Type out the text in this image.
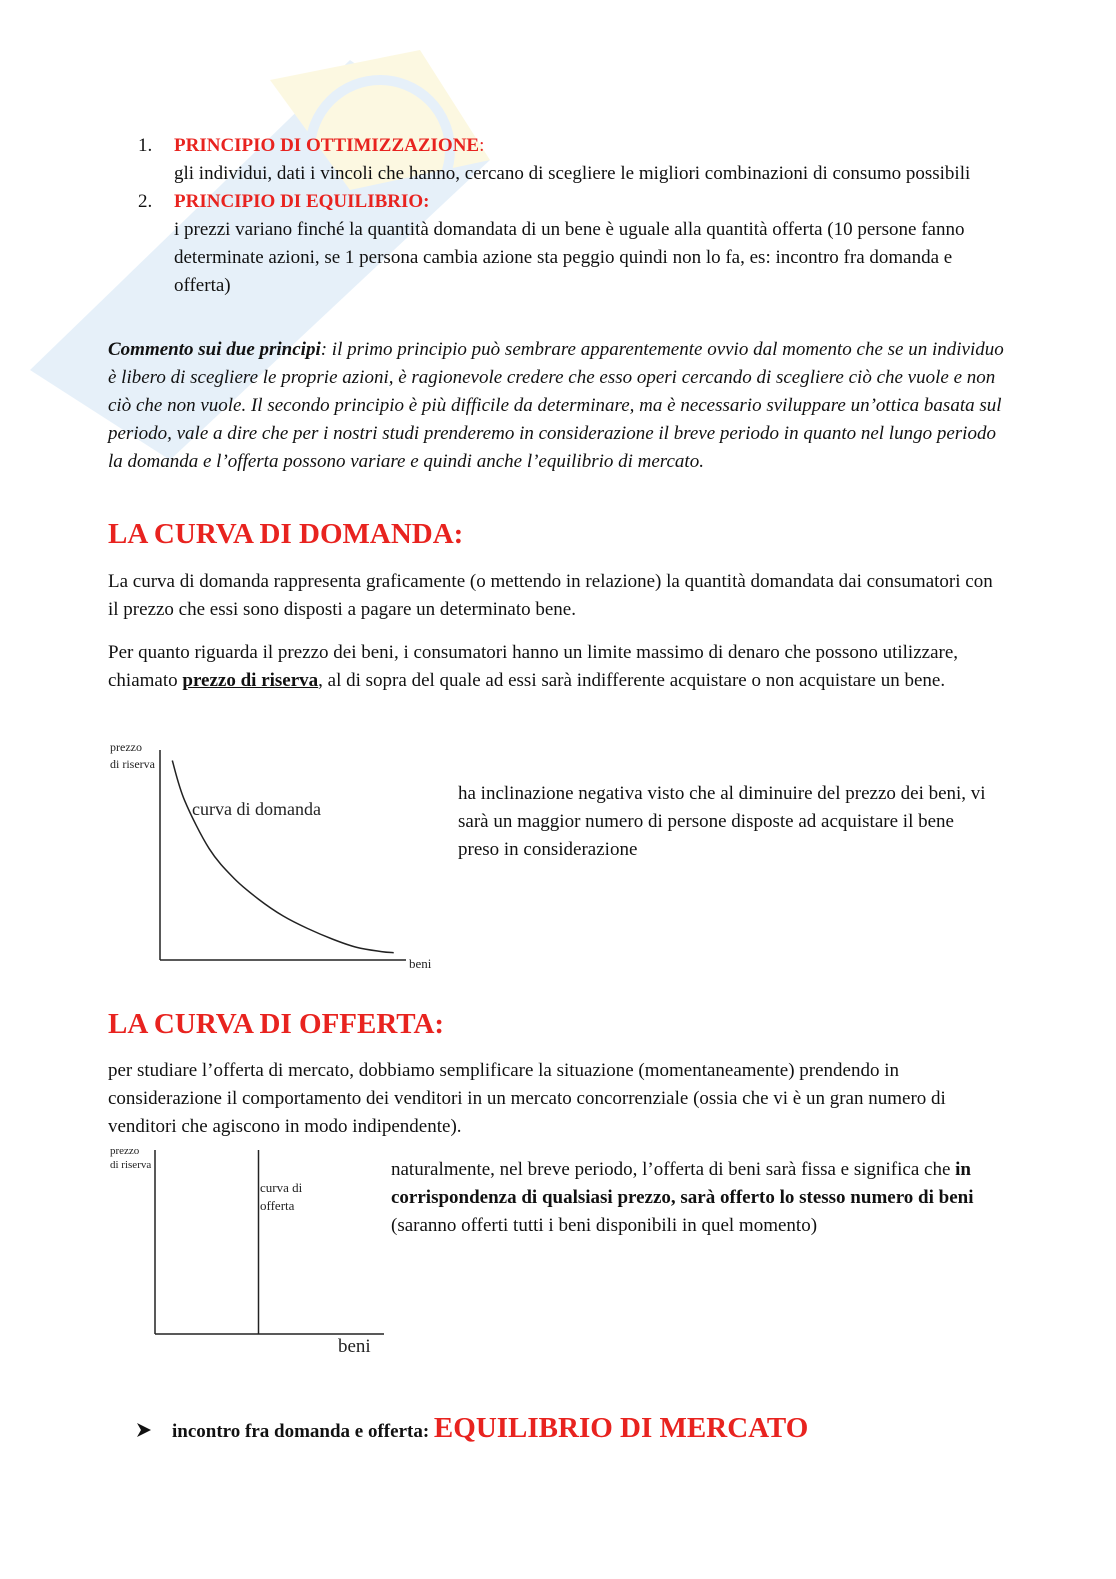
1. PRINCIPIO DI OTTIMIZZAZIONE:
gli individui, dati i vincoli che hanno, cercano di scegliere le migliori combinazioni di consumo possibili
2. PRINCIPIO DI EQUILIBRIO:
i prezzi variano finché la quantità domandata di un bene è uguale alla quantità offerta (10 persone fanno determinate azioni, se 1 persona cambia azione sta peggio quindi non lo fa, es: incontro fra domanda e offerta)

Commento sui due principi: il primo principio può sembrare apparentemente ovvio dal momento che se un individuo è libero di scegliere le proprie azioni, è ragionevole credere che esso operi cercando di scegliere ciò che vuole e non ciò che non vuole. Il secondo principio è più difficile da determinare, ma è necessario sviluppare un’ottica basata sul periodo, vale a dire che per i nostri studi prenderemo in considerazione il breve periodo in quanto nel lungo periodo la domanda e l’offerta possono variare e quindi anche l’equilibrio di mercato.

LA CURVA DI DOMANDA:

La curva di domanda rappresenta graficamente (o mettendo in relazione) la quantità domandata dai consumatori con il prezzo che essi sono disposti a pagare un determinato bene.

Per quanto riguarda il prezzo dei beni, i consumatori hanno un limite massimo di denaro che possono utilizzare, chiamato prezzo di riserva, al di sopra del quale ad essi sarà indifferente acquistare o non acquistare un bene.

prezzo
di riserva
curva di domanda
beni

ha inclinazione negativa visto che al diminuire del prezzo dei beni, vi sarà un maggior numero di persone disposte ad acquistare il bene preso in considerazione

LA CURVA DI OFFERTA:

per studiare l’offerta di mercato, dobbiamo semplificare la situazione (momentaneamente) prendendo in considerazione il comportamento dei venditori in un mercato concorrenziale (ossia che vi è un gran numero di venditori che agiscono in modo indipendente).

prezzo
di riserva
curva di
offerta
beni

naturalmente, nel breve periodo, l’offerta di beni sarà fissa e significa che in corrispondenza di qualsiasi prezzo, sarà offerto lo stesso numero di beni (saranno offerti tutti i beni disponibili in quel momento)

incontro fra domanda e offerta: EQUILIBRIO DI MERCATO
